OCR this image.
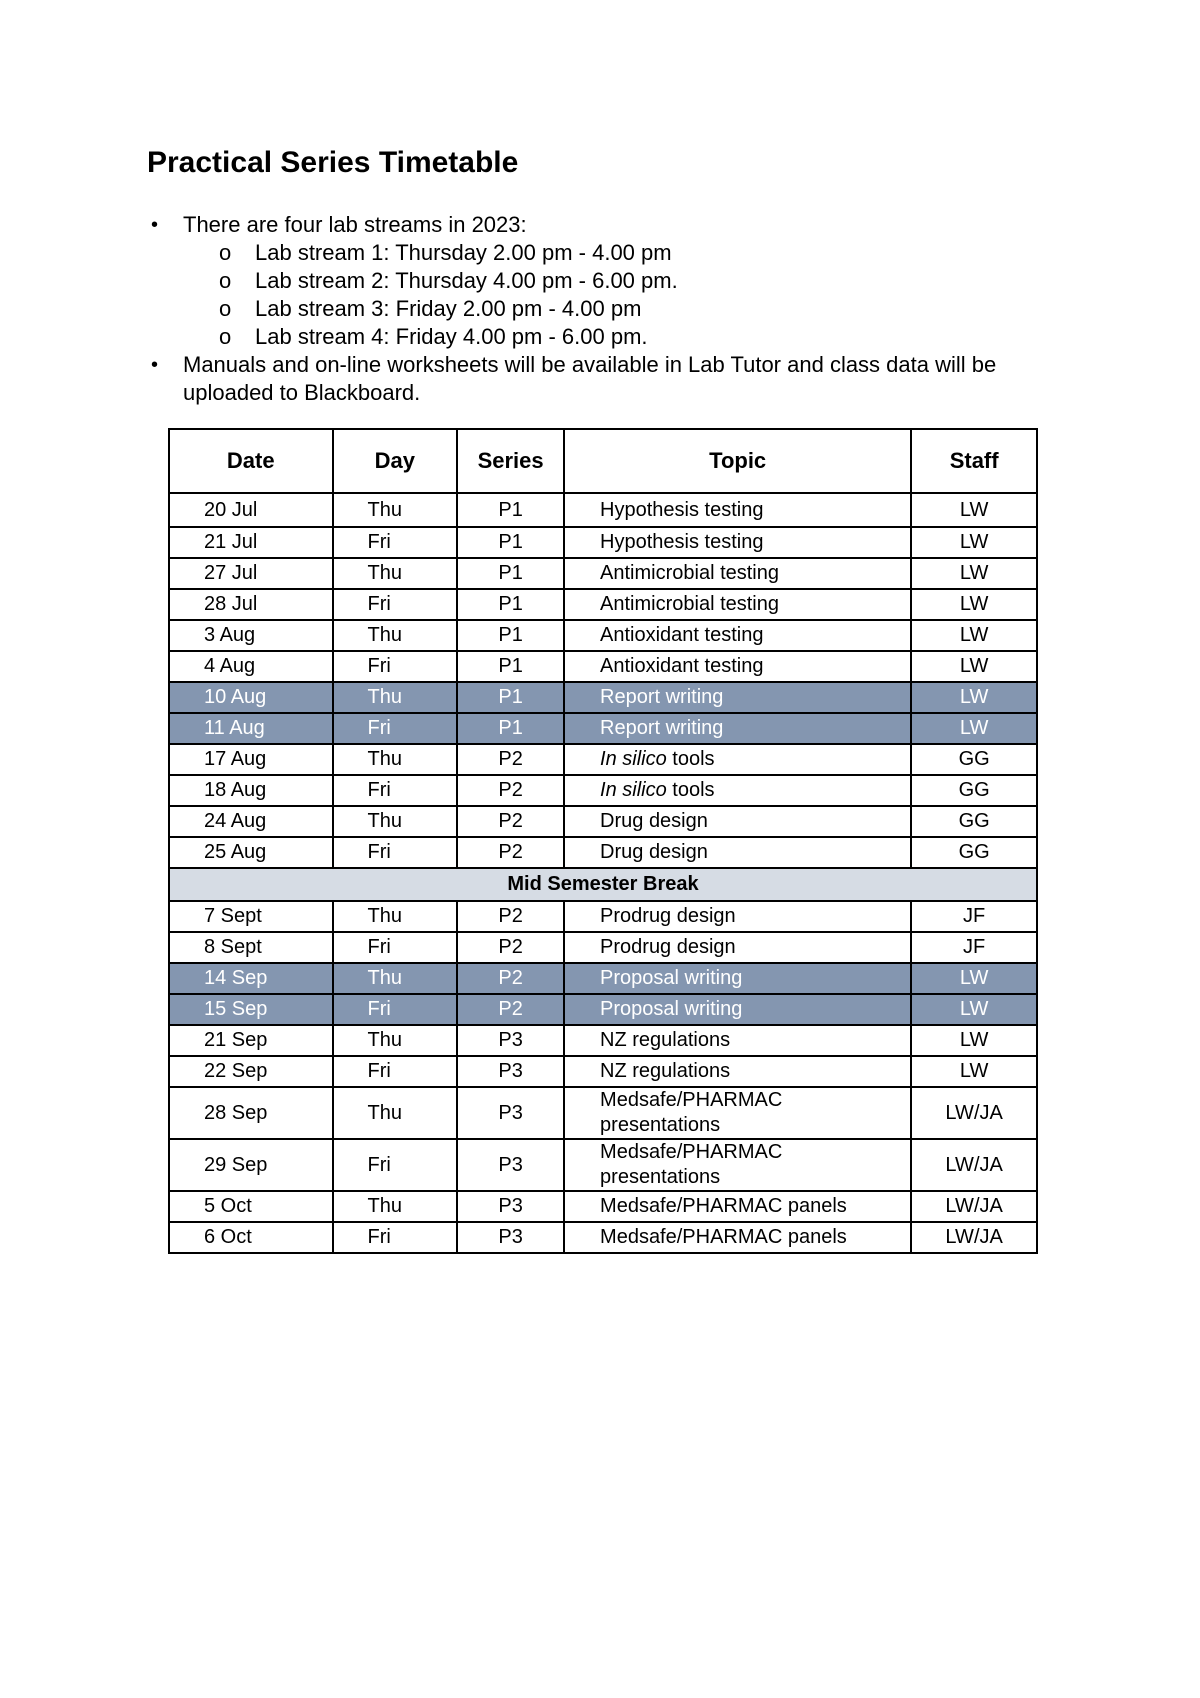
Practical Series Timetable
• There are four lab streams in 2023:
o Lab stream 1: Thursday 2.00 pm - 4.00 pm
o Lab stream 2: Thursday 4.00 pm - 6.00 pm.
o Lab stream 3: Friday 2.00 pm - 4.00 pm
o Lab stream 4: Friday 4.00 pm - 6.00 pm.
• Manuals and on-line worksheets will be available in Lab Tutor and class data will be uploaded to Blackboard.
Date	Day	Series	Topic	Staff
20 Jul	Thu	P1	Hypothesis testing	LW
21 Jul	Fri	P1	Hypothesis testing	LW
27 Jul	Thu	P1	Antimicrobial testing	LW
28 Jul	Fri	P1	Antimicrobial testing	LW
3 Aug	Thu	P1	Antioxidant testing	LW
4 Aug	Fri	P1	Antioxidant testing	LW
10 Aug	Thu	P1	Report writing	LW
11 Aug	Fri	P1	Report writing	LW
17 Aug	Thu	P2	In silico tools	GG
18 Aug	Fri	P2	In silico tools	GG
24 Aug	Thu	P2	Drug design	GG
25 Aug	Fri	P2	Drug design	GG
Mid Semester Break				
7 Sept	Thu	P2	Prodrug design	JF
8 Sept	Fri	P2	Prodrug design	JF
14 Sep	Thu	P2	Proposal writing	LW
15 Sep	Fri	P2	Proposal writing	LW
21 Sep	Thu	P3	NZ regulations	LW
22 Sep	Fri	P3	NZ regulations	LW
28 Sep	Thu	P3	Medsafe/PHARMAC presentations	LW/JA
29 Sep	Fri	P3	Medsafe/PHARMAC presentations	LW/JA
5 Oct	Thu	P3	Medsafe/PHARMAC panels	LW/JA
6 Oct	Fri	P3	Medsafe/PHARMAC panels	LW/JA
